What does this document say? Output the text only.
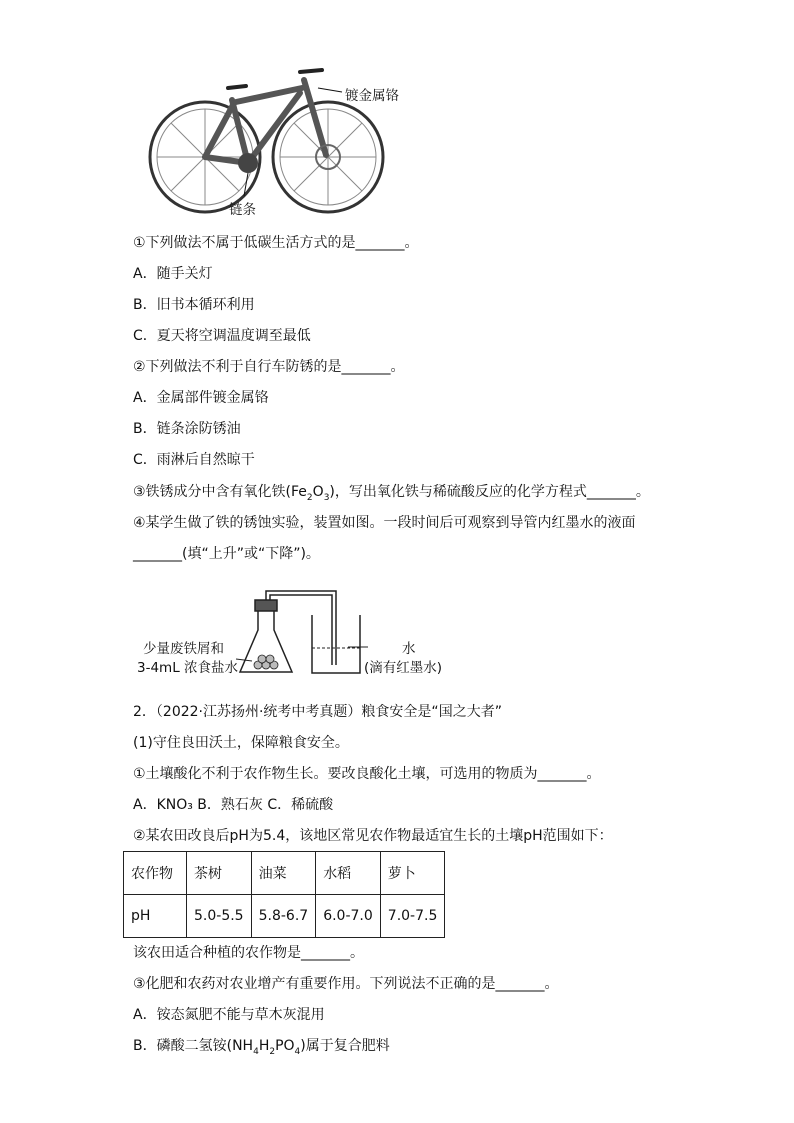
镀金属铬
链条
①下列做法不属于低碳生活方式的是_______。
A．随手关灯
B．旧书本循环利用
C．夏天将空调温度调至最低
②下列做法不利于自行车防锈的是_______。
A．金属部件镀金属铬
B．链条涂防锈油
C．雨淋后自然晾干
③铁锈成分中含有氧化铁$(Fe_2O_3)$，写出氧化铁与稀硫酸反应的化学方程式_______。
④某学生做了铁的锈蚀实验，装置如图。一段时间后可观察到导管内红墨水的液面
_______(填“上升”或“下降”)。
少量废铁屑和
3-4mL 浓食盐水
水
(滴有红墨水)
2．（2022·江苏扬州·统考中考真题）粮食安全是“国之大者”
(1)守住良田沃土，保障粮食安全。
①土壤酸化不利于农作物生长。要改良酸化土壤，可选用的物质为_______。
A．KNO₃ B．熟石灰 C．稀硫酸
②某农田改良后pH为5.4，该地区常见农作物最适宜生长的土壤pH范围如下：
农作物	茶树	油菜	水稻	萝卜
pH	5.0-5.5	5.8-6.7	6.0-7.0	7.0-7.5
该农田适合种植的农作物是_______。
③化肥和农药对农业增产有重要作用。下列说法不正确的是_______。
A．铵态氮肥不能与草木灰混用
B．磷酸二氢铵$(NH_4H_2PO_4)$属于复合肥料
